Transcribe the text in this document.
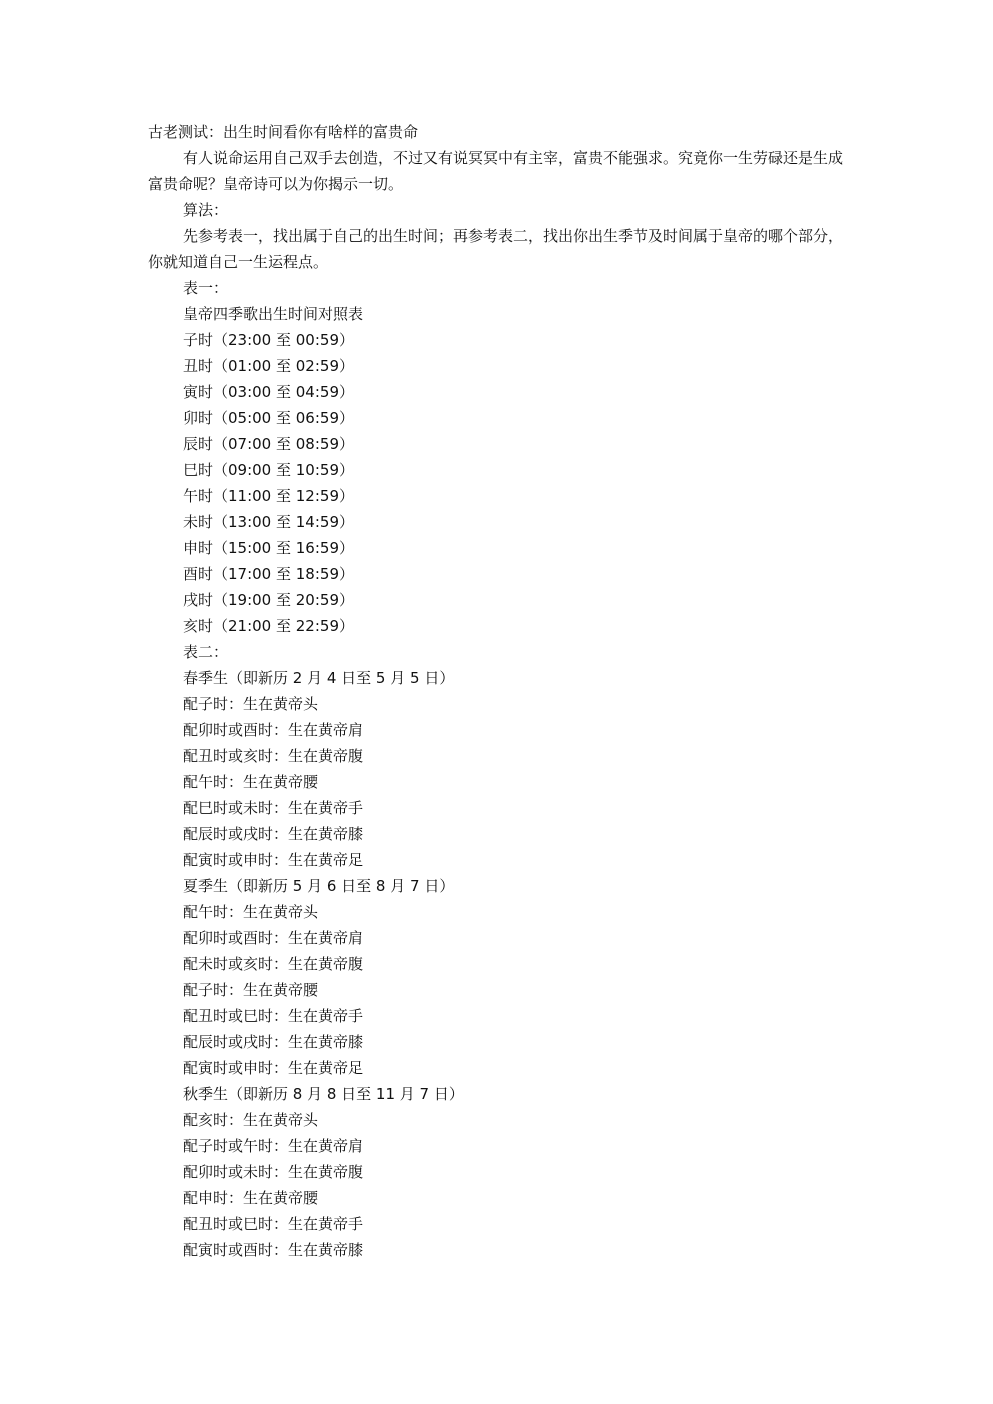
古老测试：出生时间看你有啥样的富贵命
有人说命运用自己双手去创造，不过又有说冥冥中有主宰，富贵不能强求。究竟你一生劳碌还是生成富贵命呢？皇帝诗可以为你揭示一切。
算法：
先参考表一，找出属于自己的出生时间；再参考表二，找出你出生季节及时间属于皇帝的哪个部分，你就知道自己一生运程点。
表一：
皇帝四季歌出生时间对照表
子时（23:00 至 00:59）
丑时（01:00 至 02:59）
寅时（03:00 至 04:59）
卯时（05:00 至 06:59）
辰时（07:00 至 08:59）
巳时（09:00 至 10:59）
午时（11:00 至 12:59）
未时（13:00 至 14:59）
申时（15:00 至 16:59）
酉时（17:00 至 18:59）
戌时（19:00 至 20:59）
亥时（21:00 至 22:59）
表二：
春季生（即新历 2 月 4 日至 5 月 5 日）
配子时：生在黄帝头
配卯时或酉时：生在黄帝肩
配丑时或亥时：生在黄帝腹
配午时：生在黄帝腰
配巳时或未时：生在黄帝手
配辰时或戌时：生在黄帝膝
配寅时或申时：生在黄帝足
夏季生（即新历 5 月 6 日至 8 月 7 日）
配午时：生在黄帝头
配卯时或酉时：生在黄帝肩
配未时或亥时：生在黄帝腹
配子时：生在黄帝腰
配丑时或巳时：生在黄帝手
配辰时或戌时：生在黄帝膝
配寅时或申时：生在黄帝足
秋季生（即新历 8 月 8 日至 11 月 7 日）
配亥时：生在黄帝头
配子时或午时：生在黄帝肩
配卯时或未时：生在黄帝腹
配申时：生在黄帝腰
配丑时或巳时：生在黄帝手
配寅时或酉时：生在黄帝膝
